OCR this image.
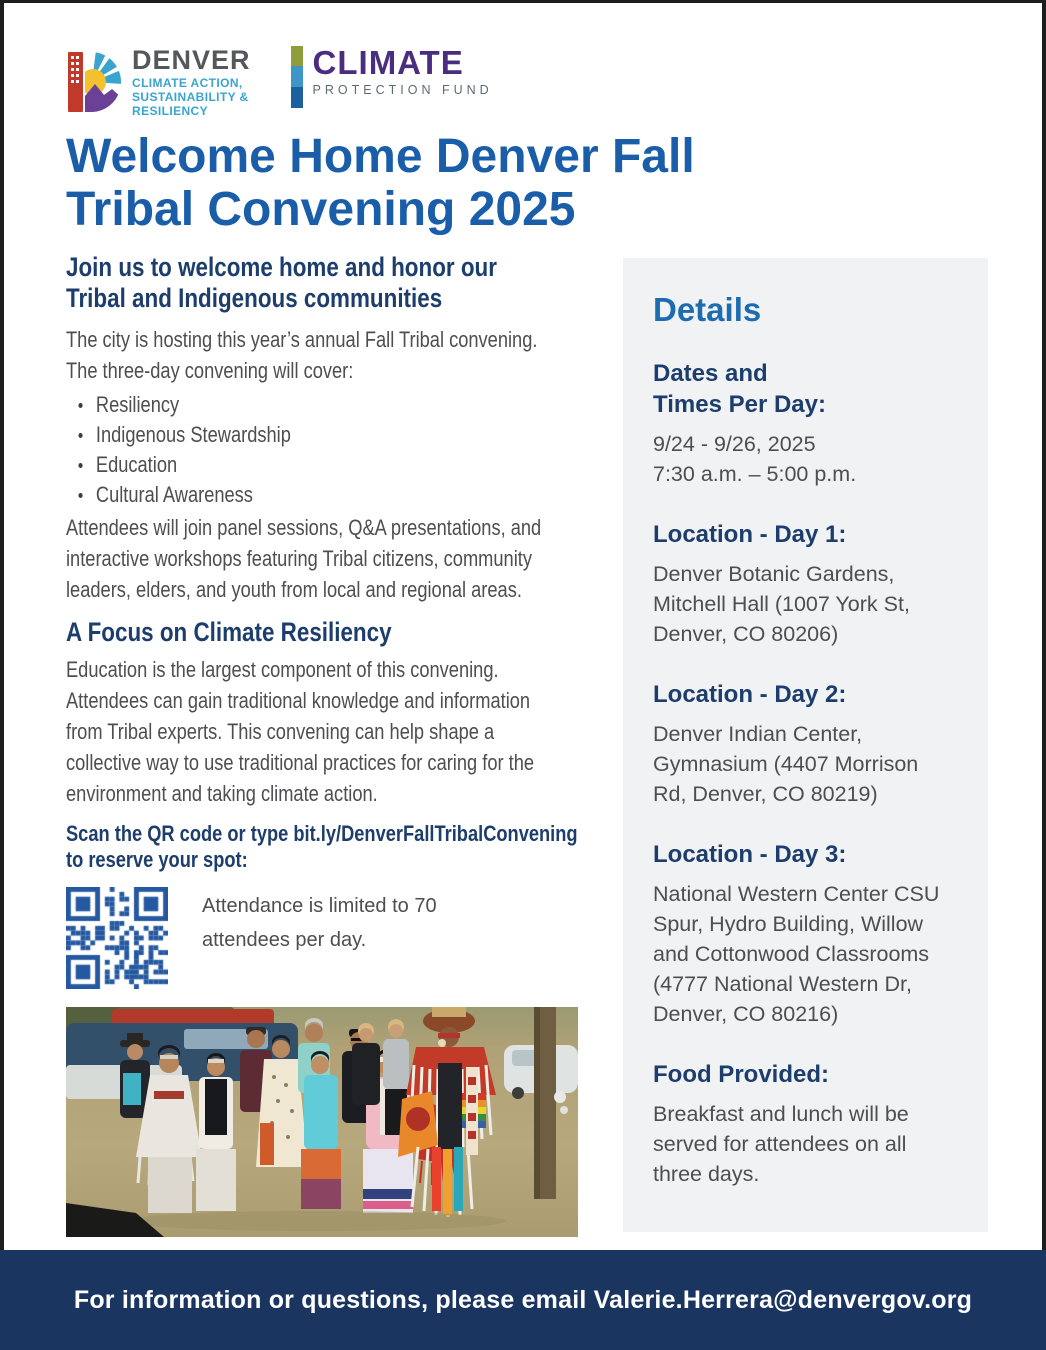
DENVER
CLIMATE ACTION,
SUSTAINABILITY &
RESILIENCY
CLIMATE
PROTECTION FUND
Welcome Home Denver Fall
Tribal Convening 2025
Join us to welcome home and honor our
Tribal and Indigenous communities
The city is hosting this year’s annual Fall Tribal convening.
The three-day convening will cover:
Resiliency
Indigenous Stewardship
Education
Cultural Awareness
Attendees will join panel sessions, Q&A presentations, and
interactive workshops featuring Tribal citizens, community
leaders, elders, and youth from local and regional areas.
A Focus on Climate Resiliency
Education is the largest component of this convening.
Attendees can gain traditional knowledge and information
from Tribal experts. This convening can help shape a
collective way to use traditional practices for caring for the
environment and taking climate action.
Scan the QR code or type bit.ly/DenverFallTribalConvening
to reserve your spot:
Attendance is limited to 70
attendees per day.
Details
Dates and
Times Per Day:
9/24 - 9/26, 2025
7:30 a.m. – 5:00 p.m.
Location - Day 1:
Denver Botanic Gardens,
Mitchell Hall (1007 York St,
Denver, CO 80206)
Location - Day 2:
Denver Indian Center,
Gymnasium (4407 Morrison
Rd, Denver, CO 80219)
Location - Day 3:
National Western Center CSU
Spur, Hydro Building, Willow
and Cottonwood Classrooms
(4777 National Western Dr,
Denver, CO 80216)
Food Provided:
Breakfast and lunch will be
served for attendees on all
three days.
For information or questions, please email Valerie.Herrera@denvergov.org
